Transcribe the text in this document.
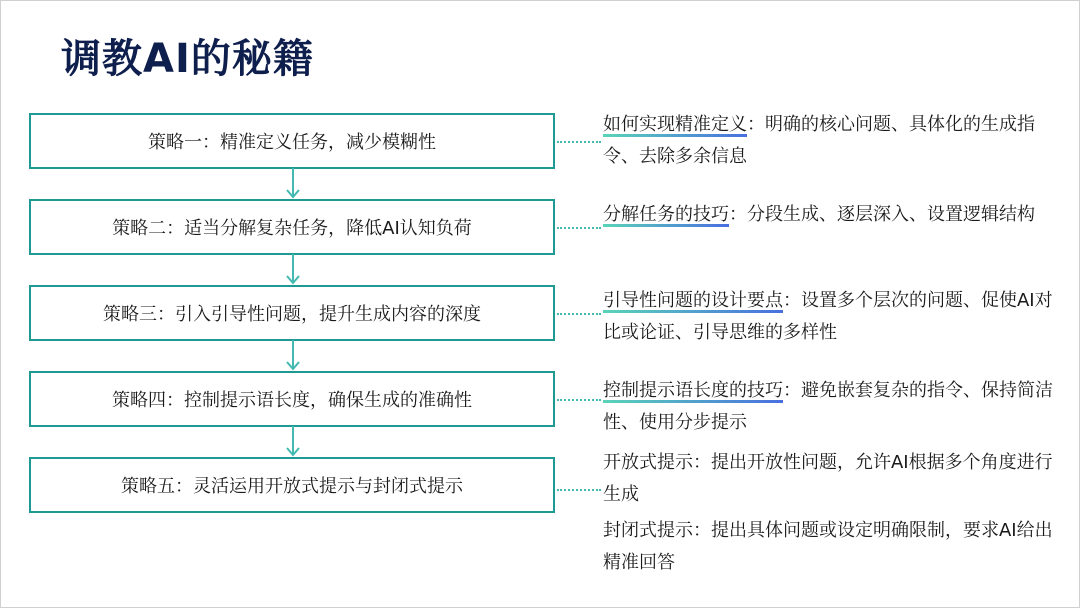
调教AI的秘籍
策略一：精准定义任务，减少模糊性
策略二：适当分解复杂任务，降低AI认知负荷
策略三：引入引导性问题，提升生成内容的深度
策略四：控制提示语长度，确保生成的准确性
策略五：灵活运用开放式提示与封闭式提示
如何实现精准定义：明确的核心问题、具体化的生成指令、去除多余信息
分解任务的技巧：分段生成、逐层深入、设置逻辑结构
引导性问题的设计要点：设置多个层次的问题、促使AI对比或论证、引导思维的多样性
控制提示语长度的技巧：避免嵌套复杂的指令、保持简洁性、使用分步提示
开放式提示：提出开放性问题，允许AI根据多个角度进行生成
封闭式提示：提出具体问题或设定明确限制，要求AI给出精准回答
